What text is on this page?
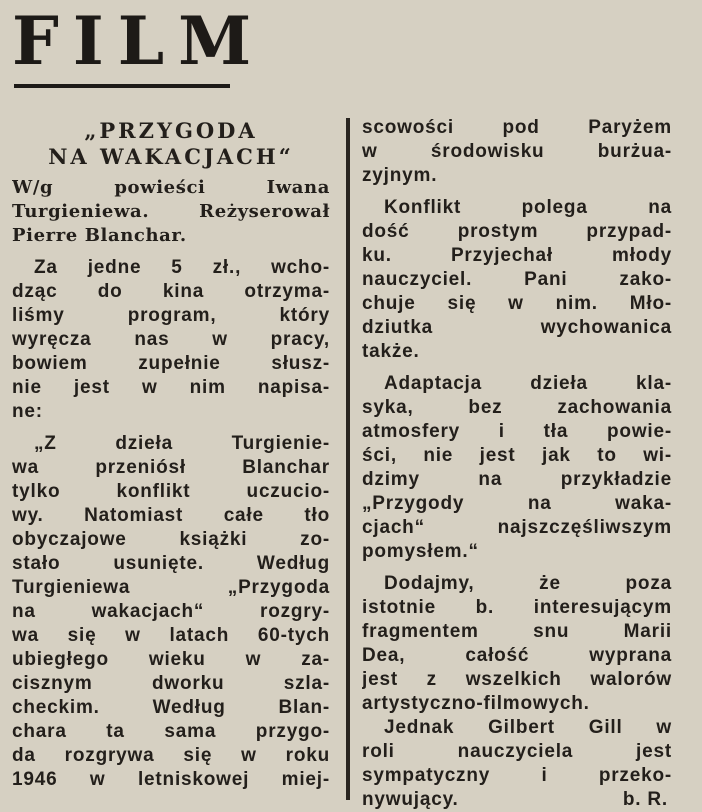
FILM
„PRZYGODA
NA WAKACJACH“

W/g powieści Iwana Turgieniewa. Reżyserował Pierre Blanchar.

Za jedne 5 zł., wcho-
dząc do kina otrzyma-
liśmy program, który
wyręcza nas w pracy,
bowiem zupełnie słusz-
nie jest w nim napisa-
ne:
„Z dzieła Turgienie-
wa przeniósł Blanchar
tylko konflikt uczucio-
wy. Natomiast całe tło
obyczajowe książki zo-
stało usunięte. Według
Turgieniewa „Przygoda
na wakacjach“ rozgry-
wa się w latach 60-tych
ubiegłego wieku w za-
cisznym dworku szla-
checkim. Według Blan-
chara ta sama przygo-
da rozgrywa się w roku
1946 w letniskowej miej-
scowości pod Paryżem
w środowisku burżua-
zyjnym.
Konflikt polega na
dość prostym przypad-
ku. Przyjechał młody
nauczyciel. Pani zako-
chuje się w nim. Mło-
dziutka wychowanica
także.
Adaptacja dzieła kla-
syka, bez zachowania
atmosfery i tła powie-
ści, nie jest jak to wi-
dzimy na przykładzie
„Przygody na waka-
cjach“ najszczęśliwszym
pomysłem.“
Dodajmy, że poza
istotnie b. interesującym
fragmentem snu Marii
Dea, całość wyprana
jest z wszelkich walorów
artystyczno-filmowych.
Jednak Gilbert Gill w
roli nauczyciela jest
sympatyczny i przeko-
nywujący.	b. R.
